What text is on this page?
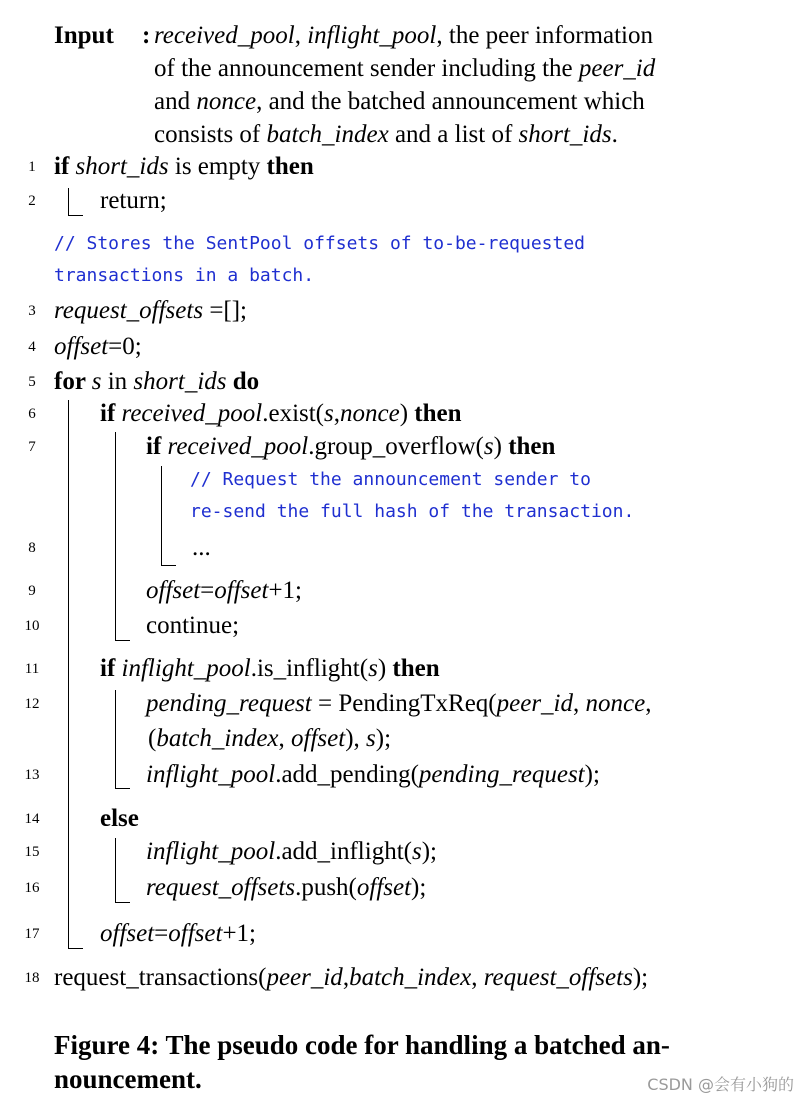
Input : received_pool, inflight_pool, the peer information
of the announcement sender including the peer_id
and nonce, and the batched announcement which
consists of batch_index and a list of short_ids.
1 if short_ids is empty then
2	return;
// Stores the SentPool offsets of to-be-requested
transactions in a batch.
3 request_offsets =[];
4 offset=0;
5 for s in short_ids do
6	if received_pool.exist(s,nonce) then
7	if received_pool.group_overflow(s) then
// Request the announcement sender to
re-send the full hash of the transaction.
8	...
9	offset=offset+1;
10	continue;
11 if inflight_pool.is_inflight(s) then
12	pending_request = PendingTxReq(peer_id, nonce,
(batch_index, offset), s);
13	inflight_pool.add_pending(pending_request);
14 else
15	inflight_pool.add_inflight(s);
16	request_offsets.push(offset);
17 offset=offset+1;
18 request_transactions(peer_id,batch_index, request_offsets);
Figure 4: The pseudo code for handling a batched an-
nouncement.	CSDN @会有小狗的
